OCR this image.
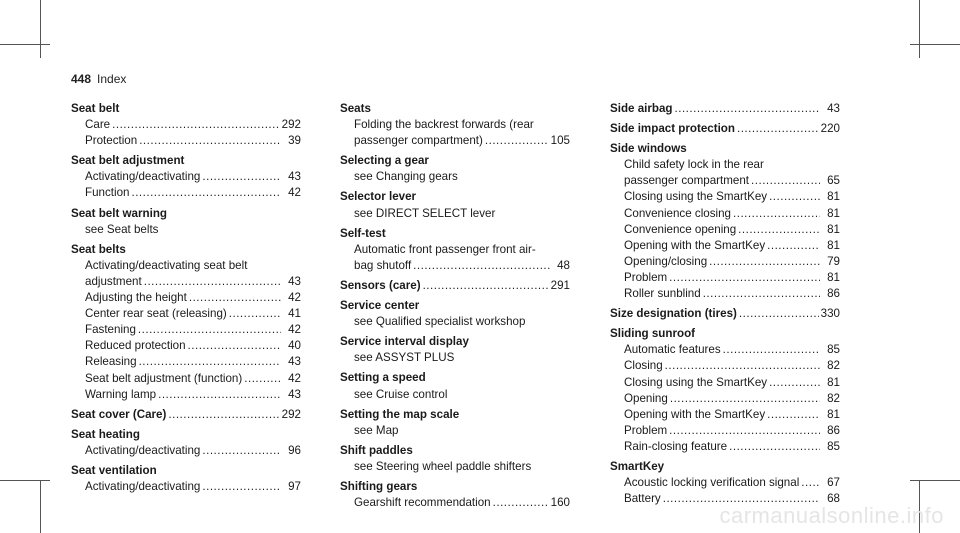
448 Index
Seat belt
Care .....	292
Protection .....	39
Seat belt adjustment
Activating/deactivating .....	43
Function .....	42
Seat belt warning
see Seat belts
Seat belts
Activating/deactivating seat belt
adjustment .....	43
Adjusting the height .....	42
Center rear seat (releasing) .....	41
Fastening .....	42
Reduced protection .....	40
Releasing .....	43
Seat belt adjustment (function) .....	42
Warning lamp .....	43
Seat cover (Care) .....	292
Seat heating
Activating/deactivating .....	96
Seat ventilation
Activating/deactivating .....	97
Seats
Folding the backrest forwards (rear
passenger compartment) .....	105
Selecting a gear
see Changing gears
Selector lever
see DIRECT SELECT lever
Self-test
Automatic front passenger front air-
bag shutoff .....	48
Sensors (care) .....	291
Service center
see Qualified specialist workshop
Service interval display
see ASSYST PLUS
Setting a speed
see Cruise control
Setting the map scale
see Map
Shift paddles
see Steering wheel paddle shifters
Shifting gears
Gearshift recommendation .....	160
Side airbag .....	43
Side impact protection .....	220
Side windows
Child safety lock in the rear
passenger compartment .....	65
Closing using the SmartKey .....	81
Convenience closing .....	81
Convenience opening .....	81
Opening with the SmartKey .....	81
Opening/closing .....	79
Problem .....	81
Roller sunblind .....	86
Size designation (tires) .....	330
Sliding sunroof
Automatic features .....	85
Closing .....	82
Closing using the SmartKey .....	81
Opening .....	82
Opening with the SmartKey .....	81
Problem .....	86
Rain-closing feature .....	85
SmartKey
Acoustic locking verification signal .....	67
Battery .....	68
carmanualsonline.info
